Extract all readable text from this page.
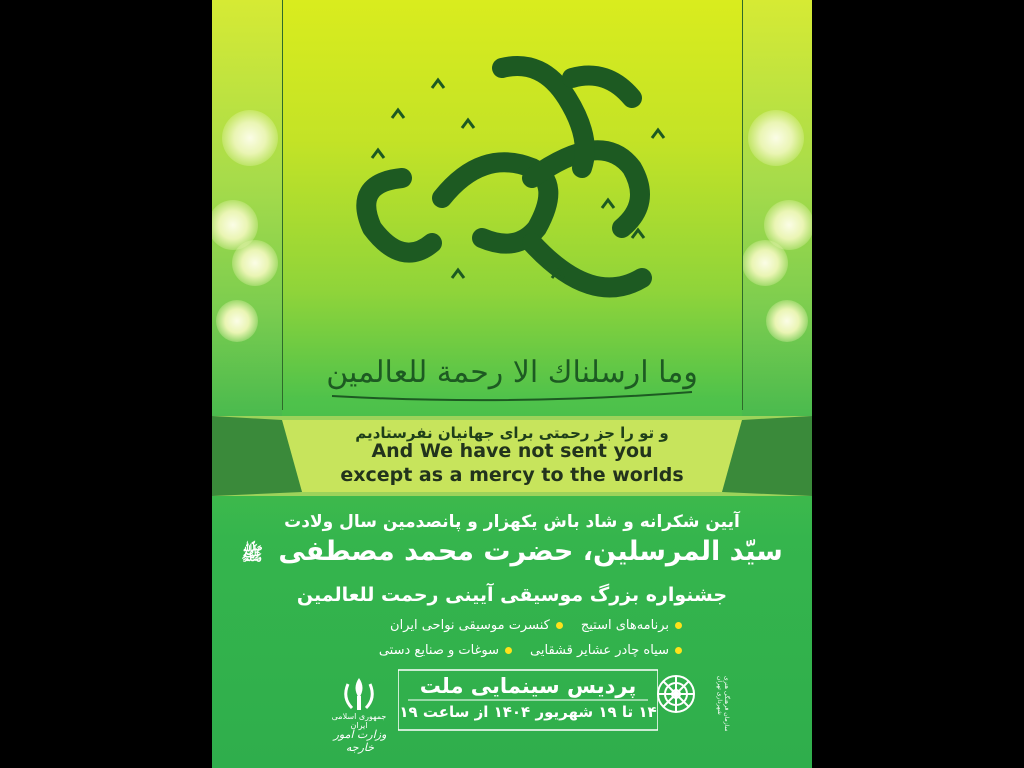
وما ارسلناك الا رحمة للعالمين
و تو را جز رحمتی برای جهانیان نفرستادیم
And We have not sent you
except as a mercy to the worlds
آیین شکرانه و شاد باش یکهزار و پانصدمین سال ولادت
سیّد المرسلین، حضرت محمد مصطفی ﷺ
جشنواره بزرگ موسیقی آیینی رحمت للعالمین
برنامه‌های استیج
کنسرت موسیقی نواحی ایران
سیاه چادر عشایر قشقایی
سوغات و صنایع دستی
پردیس سینمایی ملت
۱۴ تا ۱۹ شهریور ۱۴۰۴ از ساعت ۱۹
جمهوری اسلامی ایران
وزارت امور خارجه
سازمان فرهنگی هنری شهرداری تهران
